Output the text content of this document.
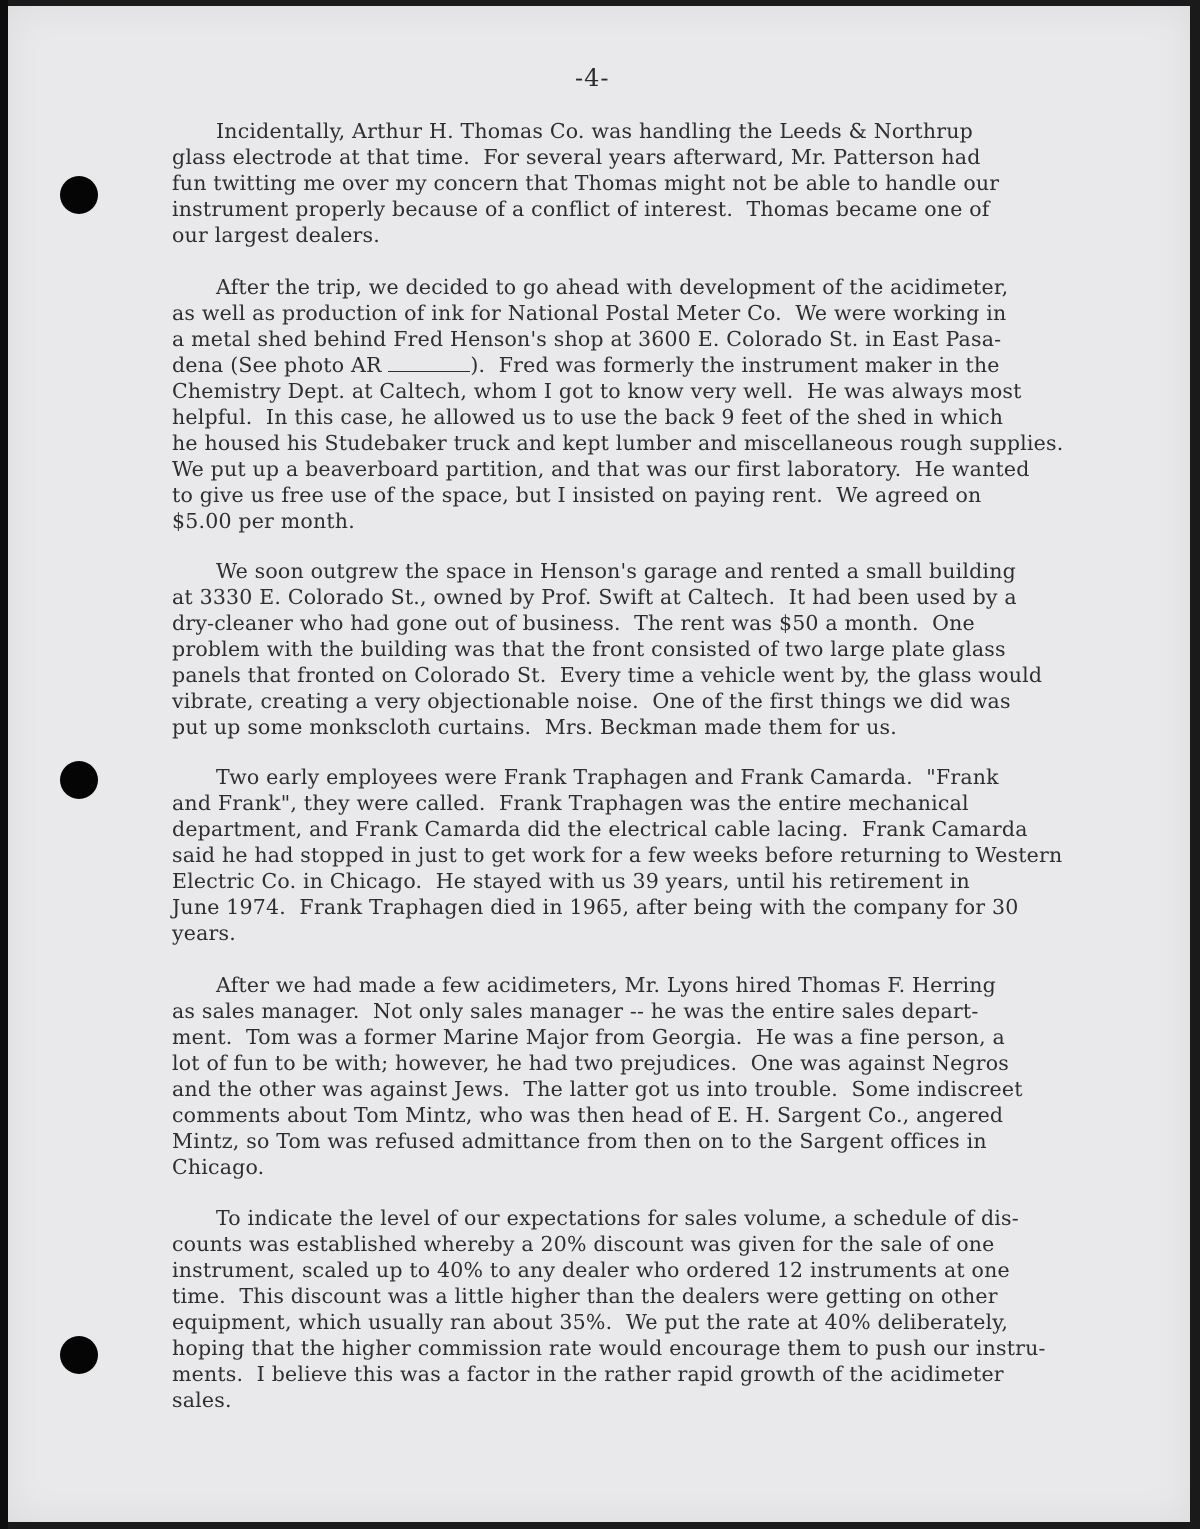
-4-

Incidentally, Arthur H. Thomas Co. was handling the Leeds & Northrup
glass electrode at that time.  For several years afterward, Mr. Patterson had
fun twitting me over my concern that Thomas might not be able to handle our
instrument properly because of a conflict of interest.  Thomas became one of
our largest dealers.

After the trip, we decided to go ahead with development of the acidimeter,
as well as production of ink for National Postal Meter Co.  We were working in
a metal shed behind Fred Henson's shop at 3600 E. Colorado St. in East Pasa-
dena (See photo AR	).  Fred was formerly the instrument maker in the
Chemistry Dept. at Caltech, whom I got to know very well.  He was always most
helpful.  In this case, he allowed us to use the back 9 feet of the shed in which
he housed his Studebaker truck and kept lumber and miscellaneous rough supplies.
We put up a beaverboard partition, and that was our first laboratory.  He wanted
to give us free use of the space, but I insisted on paying rent.  We agreed on
$5.00 per month.

We soon outgrew the space in Henson's garage and rented a small building
at 3330 E. Colorado St., owned by Prof. Swift at Caltech.  It had been used by a
dry-cleaner who had gone out of business.  The rent was $50 a month.  One
problem with the building was that the front consisted of two large plate glass
panels that fronted on Colorado St.  Every time a vehicle went by, the glass would
vibrate, creating a very objectionable noise.  One of the first things we did was
put up some monkscloth curtains.  Mrs. Beckman made them for us.

Two early employees were Frank Traphagen and Frank Camarda.  "Frank
and Frank", they were called.  Frank Traphagen was the entire mechanical
department, and Frank Camarda did the electrical cable lacing.  Frank Camarda
said he had stopped in just to get work for a few weeks before returning to Western
Electric Co. in Chicago.  He stayed with us 39 years, until his retirement in
June 1974.  Frank Traphagen died in 1965, after being with the company for 30
years.

After we had made a few acidimeters, Mr. Lyons hired Thomas F. Herring
as sales manager.  Not only sales manager -- he was the entire sales depart-
ment.  Tom was a former Marine Major from Georgia.  He was a fine person, a
lot of fun to be with; however, he had two prejudices.  One was against Negros
and the other was against Jews.  The latter got us into trouble.  Some indiscreet
comments about Tom Mintz, who was then head of E. H. Sargent Co., angered
Mintz, so Tom was refused admittance from then on to the Sargent offices in
Chicago.

To indicate the level of our expectations for sales volume, a schedule of dis-
counts was established whereby a 20% discount was given for the sale of one
instrument, scaled up to 40% to any dealer who ordered 12 instruments at one
time.  This discount was a little higher than the dealers were getting on other
equipment, which usually ran about 35%.  We put the rate at 40% deliberately,
hoping that the higher commission rate would encourage them to push our instru-
ments.  I believe this was a factor in the rather rapid growth of the acidimeter
sales.
